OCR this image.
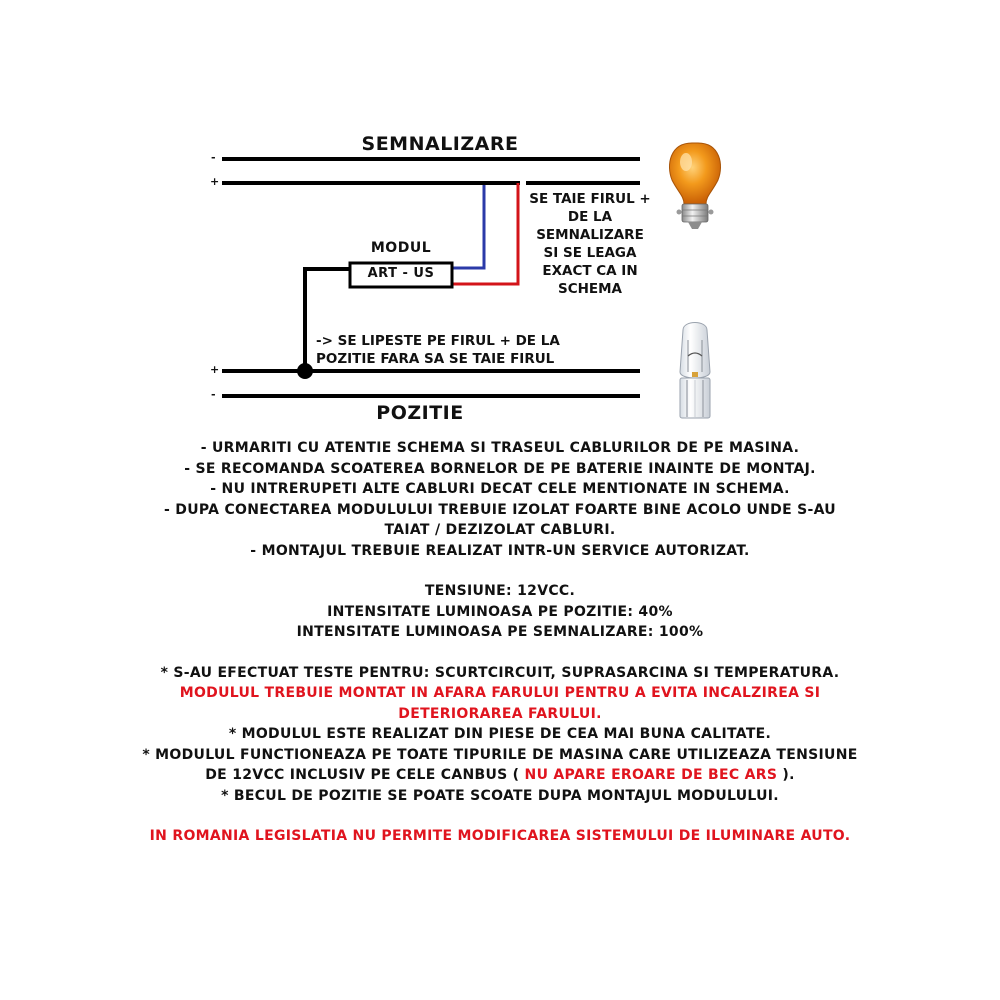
SEMNALIZARE
POZITIE
-
+
+
-
MODUL
ART - US
SE TAIE FIRUL +
DE LA
SEMNALIZARE
SI SE LEAGA
EXACT CA IN
SCHEMA
-> SE LIPESTE PE FIRUL + DE LA
POZITIE FARA SA SE TAIE FIRUL
- URMARITI CU ATENTIE SCHEMA SI TRASEUL CABLURILOR DE PE MASINA.
- SE RECOMANDA SCOATEREA BORNELOR DE PE BATERIE INAINTE DE MONTAJ.
- NU INTRERUPETI ALTE CABLURI DECAT CELE MENTIONATE IN SCHEMA.
- DUPA CONECTAREA MODULULUI TREBUIE IZOLAT FOARTE BINE ACOLO UNDE S-AU
TAIAT / DEZIZOLAT CABLURI.
- MONTAJUL TREBUIE REALIZAT INTR-UN SERVICE AUTORIZAT.
TENSIUNE: 12VCC.
INTENSITATE LUMINOASA PE POZITIE: 40%
INTENSITATE LUMINOASA PE SEMNALIZARE: 100%
* S-AU EFECTUAT TESTE PENTRU: SCURTCIRCUIT, SUPRASARCINA SI TEMPERATURA.
MODULUL TREBUIE MONTAT IN AFARA FARULUI PENTRU A EVITA INCALZIREA SI
DETERIORAREA FARULUI.
* MODULUL ESTE REALIZAT DIN PIESE DE CEA MAI BUNA CALITATE.
* MODULUL FUNCTIONEAZA PE TOATE TIPURILE DE MASINA CARE UTILIZEAZA TENSIUNE
DE 12VCC INCLUSIV PE CELE CANBUS ( NU APARE EROARE DE BEC ARS ).
* BECUL DE POZITIE SE POATE SCOATE DUPA MONTAJUL MODULULUI.
IN ROMANIA LEGISLATIA NU PERMITE MODIFICAREA SISTEMULUI DE ILUMINARE AUTO.
